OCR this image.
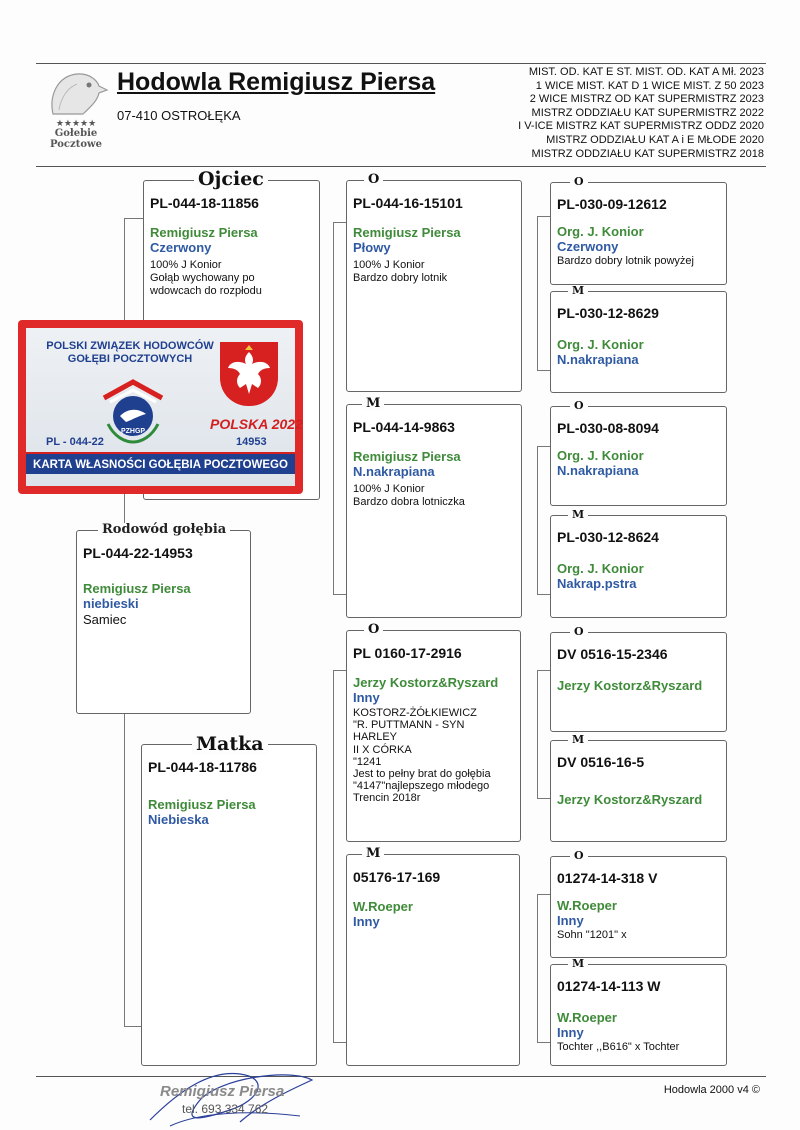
★★★★★
Gołebie
Pocztowe
Hodowla Remigiusz Piersa
07-410 OSTROŁĘKA
MIST. OD. KAT E ST. MIST. OD. KAT A Mł. 2023
1 WICE MIST. KAT D 1 WICE MIST. Z 50 2023
2 WICE MISTRZ OD KAT SUPERMISTRZ 2023
MISTRZ ODDZIAŁU KAT SUPERMISTRZ 2022
I V-ICE MISTRZ KAT SUPERMISTRZ ODDZ 2020
MISTRZ ODDZIAŁU KAT A i E MŁODE 2020
MISTRZ ODDZIAŁU KAT SUPERMISTRZ 2018
PL-044-18-11856
Remigiusz Piersa
Czerwony
100% J Konior
Gołąb wychowany po
wdowcach do rozpłodu
Ojciec
PL-044-22-14953
Remigiusz Piersa
niebieski
Samiec
Rodowód gołębia
PL-044-18-11786
Remigiusz Piersa
Niebieska
Matka
POLSKI ZWIĄZEK HODOWCÓW
GOŁĘBI POCZTOWYCH
PZHGP	POLSKA 2022
PL - 044-22	14953
KARTA WŁASNOŚCI GOŁĘBIA POCZTOWEGO
PL-044-16-15101
Remigiusz Piersa
Płowy
100% J Konior
Bardzo dobry lotnik
O
PL-044-14-9863
Remigiusz Piersa
N.nakrapiana
100% J Konior
Bardzo dobra lotniczka
M
PL 0160-17-2916
Jerzy Kostorz&Ryszard
Inny
KOSTORZ-ŻÓŁKIEWICZ
"R. PUTTMANN - SYN
HARLEY
II X CÓRKA
"1241
Jest to pełny brat do gołębia
"4147"najlepszego młodego
Trencin 2018r
O
05176-17-169
W.Roeper
Inny
M
PL-030-09-12612
Org. J. Konior
Czerwony
Bardzo dobry lotnik powyżej
O
PL-030-12-8629
Org. J. Konior
N.nakrapiana
M
PL-030-08-8094
Org. J. Konior
N.nakrapiana
O
PL-030-12-8624
Org. J. Konior
Nakrap.pstra
M
DV 0516-15-2346
Jerzy Kostorz&Ryszard
O
DV 0516-16-5
Jerzy Kostorz&Ryszard
M
01274-14-318 V
W.Roeper
Inny
Sohn "1201" x
O
01274-14-113 W
W.Roeper
Inny
Tochter ,,B616" x Tochter
M
Remigiusz Piersa
tel. 693 334 762
Hodowla 2000 v4 ©
